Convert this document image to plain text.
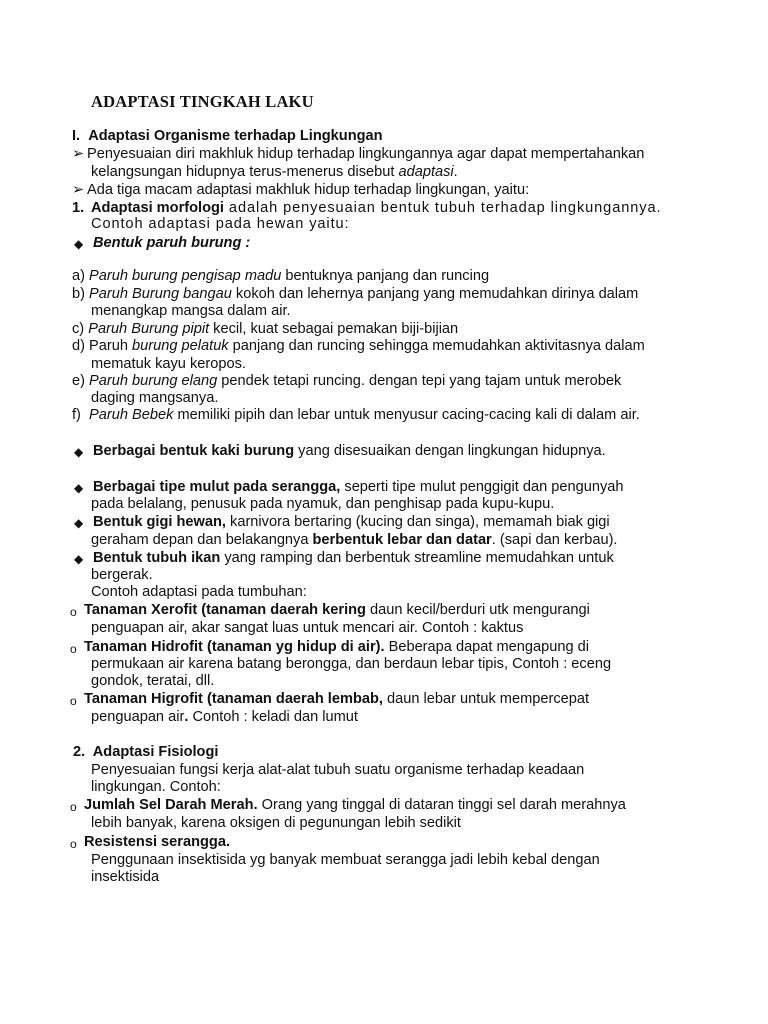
ADAPTASI TINGKAH LAKU
I. Adaptasi Organisme terhadap Lingkungan
➢ Penyesuaian diri makhluk hidup terhadap lingkungannya agar dapat mempertahankan
kelangsungan hidupnya terus-menerus disebut adaptasi.
➢ Ada tiga macam adaptasi makhluk hidup terhadap lingkungan, yaitu:
1. Adaptasi morfologi adalah penyesuaian bentuk tubuh terhadap lingkungannya.
Contoh adaptasi pada hewan yaitu:
◆ Bentuk paruh burung :
a) Paruh burung pengisap madu bentuknya panjang dan runcing
b) Paruh Burung bangau kokoh dan lehernya panjang yang memudahkan dirinya dalam
menangkap mangsa dalam air.
c) Paruh Burung pipit kecil, kuat sebagai pemakan biji-bijian
d) Paruh burung pelatuk panjang dan runcing sehingga memudahkan aktivitasnya dalam
mematuk kayu keropos.
e) Paruh burung elang pendek tetapi runcing. dengan tepi yang tajam untuk merobek
daging mangsanya.
f) Paruh Bebek memiliki pipih dan lebar untuk menyusur cacing-cacing kali di dalam air.
◆ Berbagai bentuk kaki burung yang disesuaikan dengan lingkungan hidupnya.
◆ Berbagai tipe mulut pada serangga, seperti tipe mulut penggigit dan pengunyah
pada belalang, penusuk pada nyamuk, dan penghisap pada kupu-kupu.
◆ Bentuk gigi hewan, karnivora bertaring (kucing dan singa), memamah biak gigi
geraham depan dan belakangnya berbentuk lebar dan datar. (sapi dan kerbau).
◆ Bentuk tubuh ikan yang ramping dan berbentuk streamline memudahkan untuk
bergerak.
Contoh adaptasi pada tumbuhan:
o Tanaman Xerofit (tanaman daerah kering daun kecil/berduri utk mengurangi
penguapan air, akar sangat luas untuk mencari air. Contoh : kaktus
o Tanaman Hidrofit (tanaman yg hidup di air). Beberapa dapat mengapung di
permukaan air karena batang berongga, dan berdaun lebar tipis, Contoh : eceng
gondok, teratai, dll.
o Tanaman Higrofit (tanaman daerah lembab, daun lebar untuk mempercepat
penguapan air. Contoh : keladi dan lumut
2. Adaptasi Fisiologi
Penyesuaian fungsi kerja alat-alat tubuh suatu organisme terhadap keadaan
lingkungan. Contoh:
o Jumlah Sel Darah Merah. Orang yang tinggal di dataran tinggi sel darah merahnya
lebih banyak, karena oksigen di pegunungan lebih sedikit
o Resistensi serangga.
Penggunaan insektisida yg banyak membuat serangga jadi lebih kebal dengan
insektisida
